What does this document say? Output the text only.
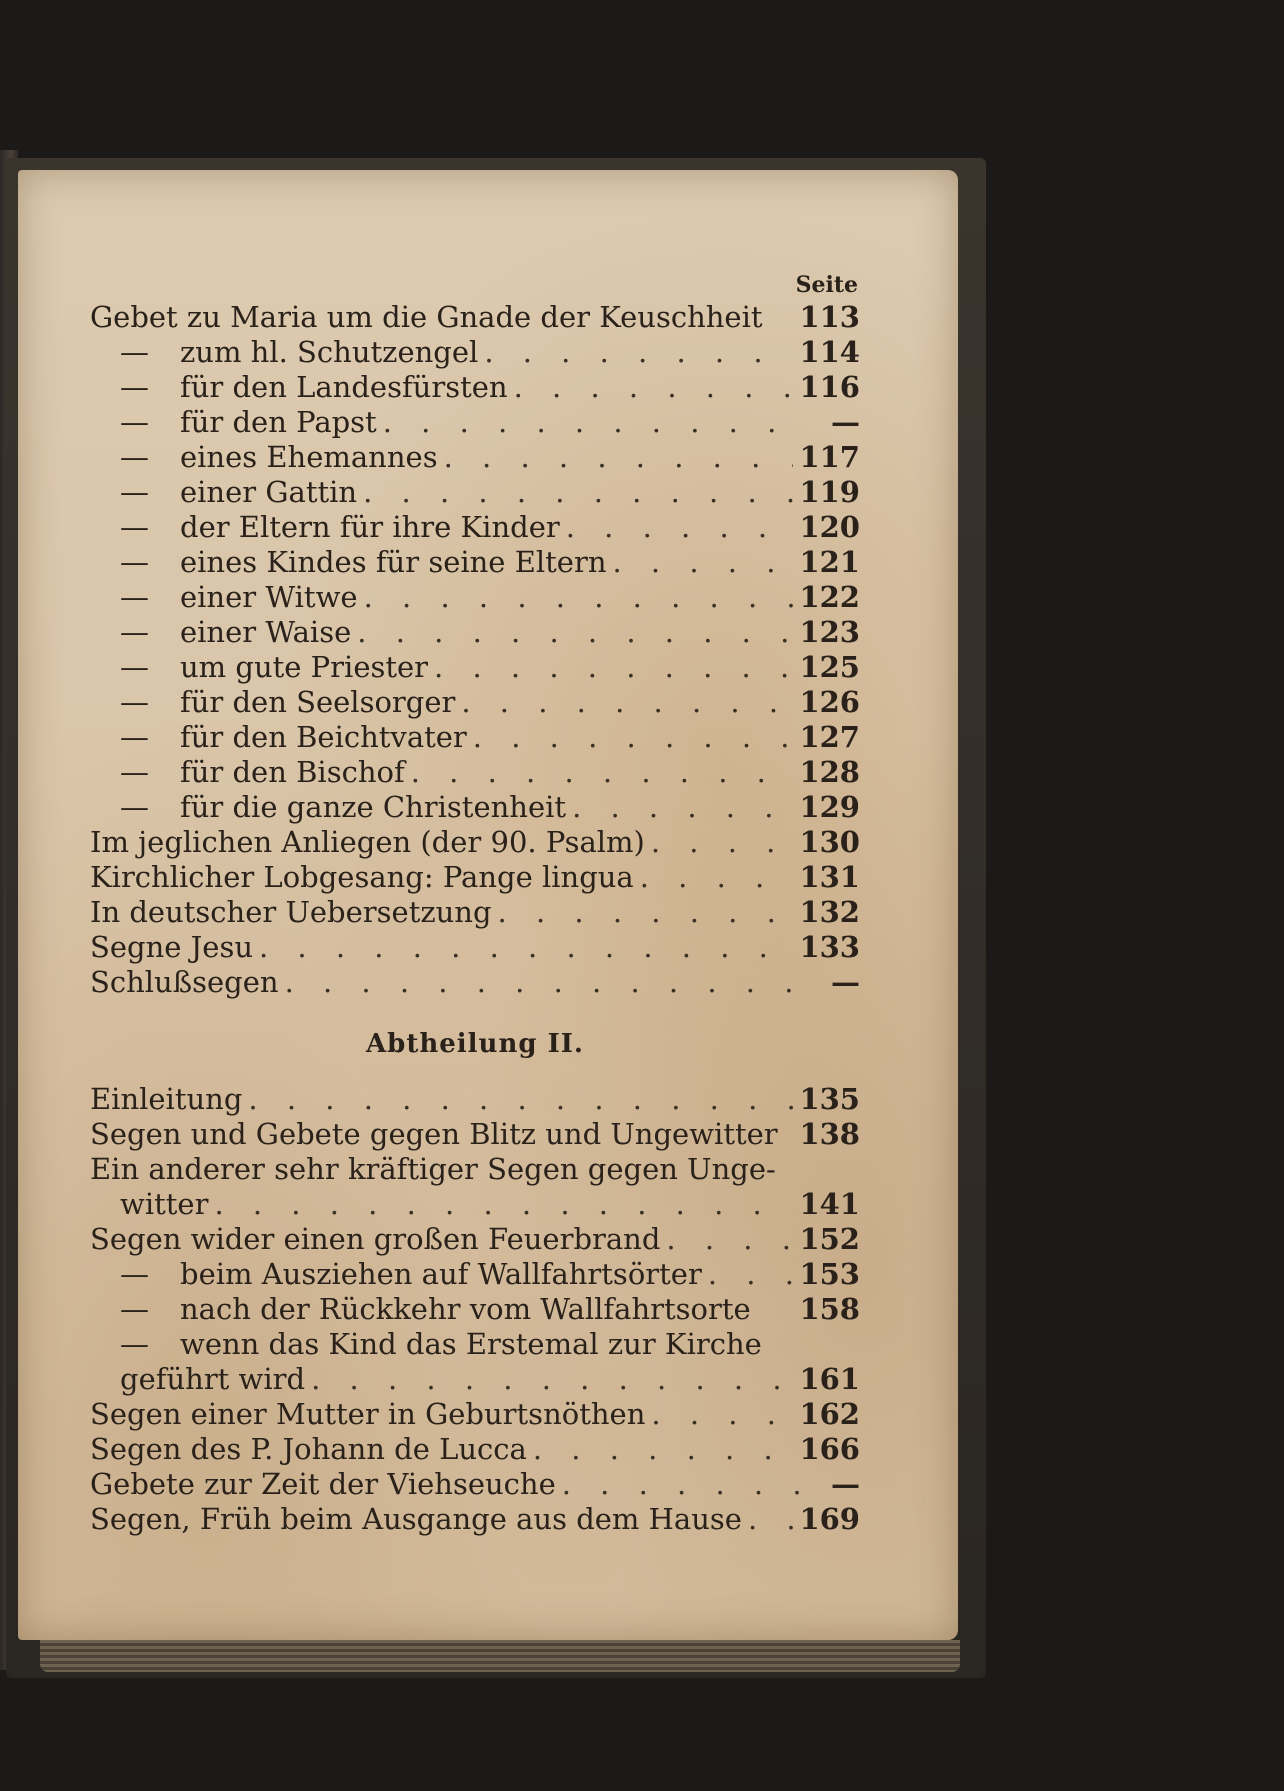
Seite
Gebet zu Maria um die Gnade der Keuschheit 113
—	zum hl. Schutzengel . . .	114
—	für den Landesfürsten . . .	116
—	für den Papst . . .	—
—	eines Ehemannes . . .	117
—	einer Gattin . . .	119
—	der Eltern für ihre Kinder . . .	120
—	eines Kindes für seine Eltern . . .	121
—	einer Witwe . . .	122
—	einer Waise . . .	123
—	um gute Priester . . .	125
—	für den Seelsorger . . .	126
—	für den Beichtvater . . .	127
—	für den Bischof . . .	128
—	für die ganze Christenheit . . .	129
Im jeglichen Anliegen (der 90. Psalm) . . .	130
Kirchlicher Lobgesang: Pange lingua . . .	131
In deutscher Uebersetzung . . .	132
Segne Jesu . . .	133
Schlußsegen . . .	—
Abtheilung II.
Einleitung . . .	135
Segen und Gebete gegen Blitz und Ungewitter 138
Ein anderer sehr kräftiger Segen gegen Unge-
witter . . .	141
Segen wider einen großen Feuerbrand . . .	152
—	beim Ausziehen auf Wallfahrtsörter . . .	153
—	nach der Rückkehr vom Wallfahrtsorte 158
—	wenn das Kind das Erstemal zur Kirche
geführt wird . . .	161
Segen einer Mutter in Geburtsnöthen . . .	162
Segen des P. Johann de Lucca . . .	166
Gebete zur Zeit der Viehseuche . . .	—
Segen, Früh beim Ausgange aus dem Hause . . . 169
